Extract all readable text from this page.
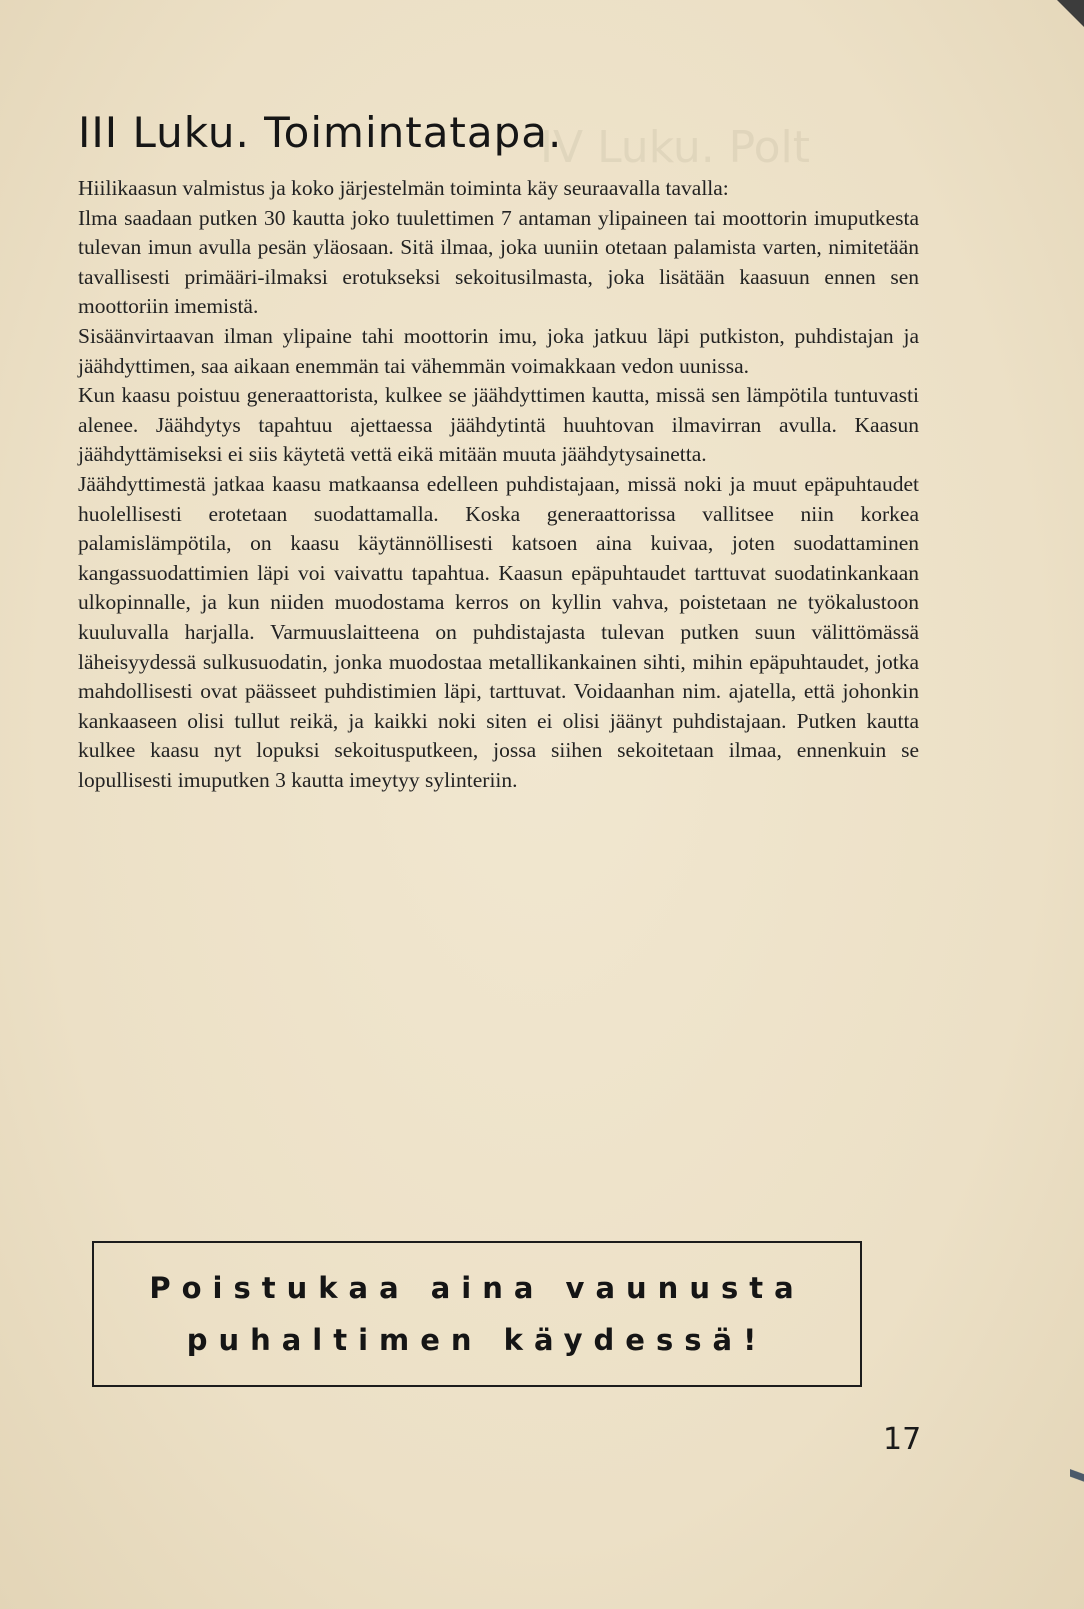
IV Luku. Polt
III Luku. Toimintatapa.

Hiilikaasun valmistus ja koko järjestelmän toiminta käy seuraavalla tavalla:

Ilma saadaan putken 30 kautta joko tuulettimen 7 antaman ylipaineen tai moottorin imuputkesta tulevan imun avulla pesän yläosaan. Sitä ilmaa, joka uuniin otetaan palamista varten, nimitetään tavallisesti primääri-ilmaksi erotukseksi sekoitusilmasta, joka lisätään kaasuun ennen sen moottoriin imemistä.

Sisäänvirtaavan ilman ylipaine tahi moottorin imu, joka jatkuu läpi putkiston, puhdistajan ja jäähdyttimen, saa aikaan enemmän tai vähemmän voimakkaan vedon uunissa.

Kun kaasu poistuu generaattorista, kulkee se jäähdyttimen kautta, missä sen lämpötila tuntuvasti alenee. Jäähdytys tapahtuu ajettaessa jäähdytintä huuhtovan ilmavirran avulla. Kaasun jäähdyttämiseksi ei siis käytetä vettä eikä mitään muuta jäähdytysainetta.

Jäähdyttimestä jatkaa kaasu matkaansa edelleen puhdistajaan, missä noki ja muut epäpuhtaudet huolellisesti erotetaan suodattamalla. Koska generaattorissa vallitsee niin korkea palamislämpötila, on kaasu käytännöllisesti katsoen aina kuivaa, joten suodattaminen kangassuodattimien läpi voi vaivattu tapahtua. Kaasun epäpuhtaudet tarttuvat suodatinkankaan ulkopinnalle, ja kun niiden muodostama kerros on kyllin vahva, poistetaan ne työkalustoon kuuluvalla harjalla. Varmuuslaitteena on puhdistajasta tulevan putken suun välittömässä läheisyydessä sulkusuodatin, jonka muodostaa metallikankainen sihti, mihin epäpuhtaudet, jotka mahdollisesti ovat päässeet puhdistimien läpi, tarttuvat. Voidaanhan nim. ajatella, että johonkin kankaaseen olisi tullut reikä, ja kaikki noki siten ei olisi jäänyt puhdistajaan. Putken kautta kulkee kaasu nyt lopuksi sekoitusputkeen, jossa siihen sekoitetaan ilmaa, ennenkuin se lopullisesti imuputken 3 kautta imeytyy sylinteriin.

Poistukaa aina vaunusta
puhaltimen käydessä!
17
